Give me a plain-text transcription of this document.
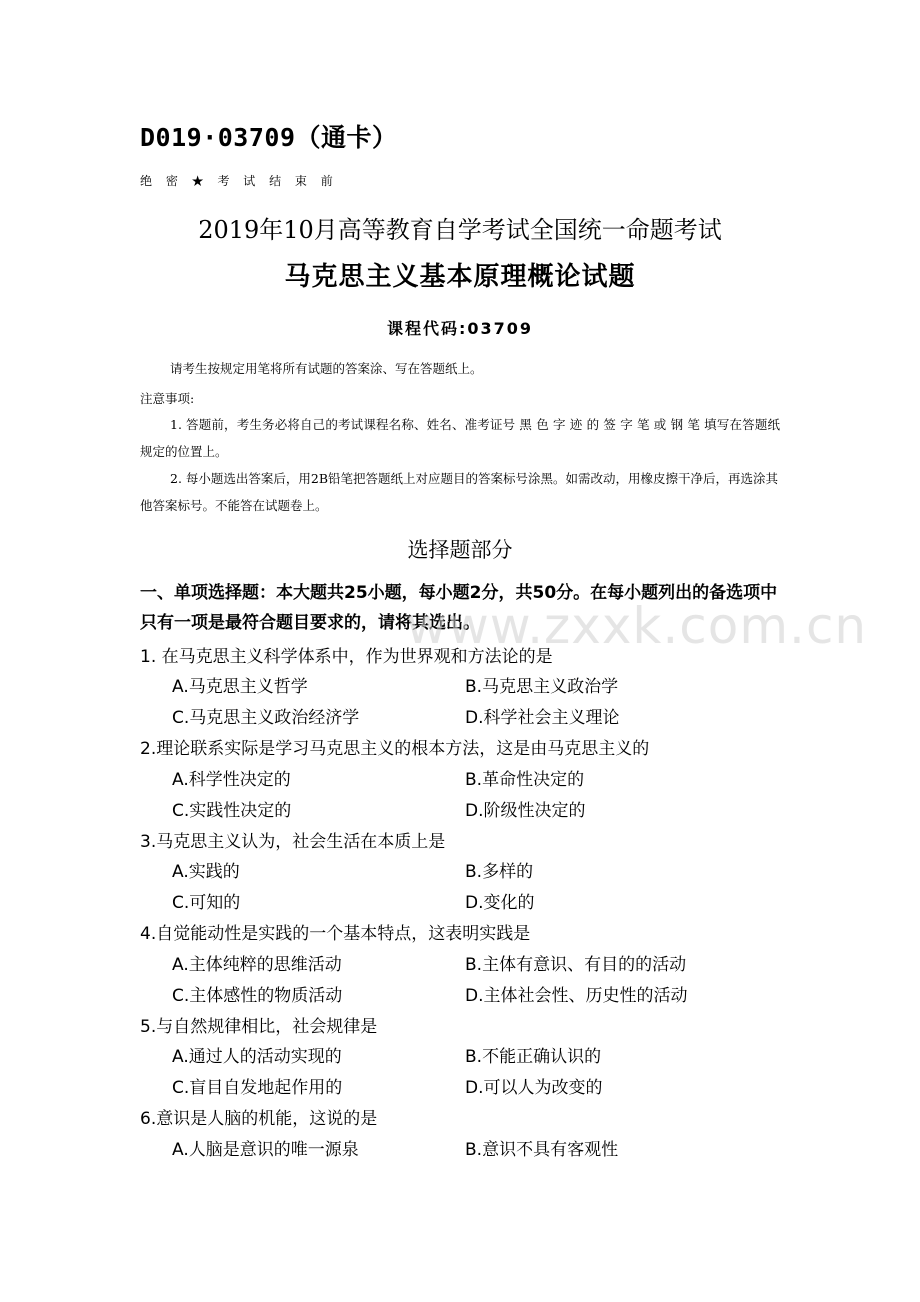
D019·03709（通卡）
绝 密 ★ 考 试 结 束 前
2019年10月高等教育自学考试全国统一命题考试
马克思主义基本原理概论试题
课程代码:03709
请考生按规定用笔将所有试题的答案涂、写在答题纸上。
注意事项:
1. 答题前，考生务必将自己的考试课程名称、姓名、准考证号 黑 色 字 迹 的 签 字 笔 或 钢 笔 填写在答题纸规定的位置上。
2. 每小题选出答案后，用2B铅笔把答题纸上对应题目的答案标号涂黑。如需改动，用橡皮擦干净后，再选涂其他答案标号。不能答在试题卷上。
选择题部分
一、单项选择题：本大题共25小题，每小题2分，共50分。在每小题列出的备选项中只有一项是最符合题目要求的，请将其选出。
www.zxxk.com.cn
1. 在马克思主义科学体系中，作为世界观和方法论的是
A.马克思主义哲学	B.马克思主义政治学
C.马克思主义政治经济学	D.科学社会主义理论
2.理论联系实际是学习马克思主义的根本方法，这是由马克思主义的
A.科学性决定的	B.革命性决定的
C.实践性决定的	D.阶级性决定的
3.马克思主义认为，社会生活在本质上是
A.实践的	B.多样的
C.可知的	D.变化的
4.自觉能动性是实践的一个基本特点，这表明实践是
A.主体纯粹的思维活动	B.主体有意识、有目的的活动
C.主体感性的物质活动	D.主体社会性、历史性的活动
5.与自然规律相比，社会规律是
A.通过人的活动实现的	B.不能正确认识的
C.盲目自发地起作用的	D.可以人为改变的
6.意识是人脑的机能，这说的是
A.人脑是意识的唯一源泉	B.意识不具有客观性
